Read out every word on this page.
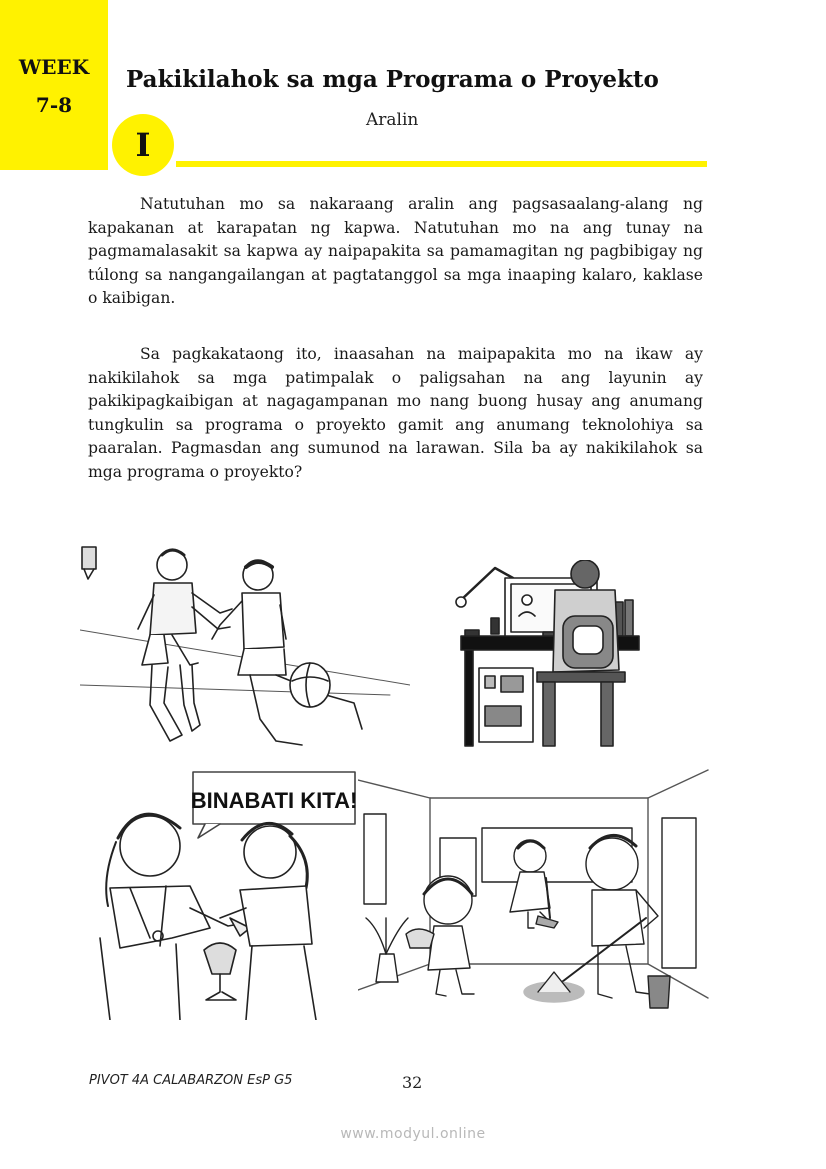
WEEK
7-8
Pakikilahok sa mga Programa o Proyekto
Aralin
I

Natutuhan mo sa nakaraang aralin ang pagsasaalang-alang ng kapakanan at karapatan ng kapwa. Natutuhan mo na ang tunay na pagmamalasakit sa kapwa ay naipapakita sa pamamagitan ng pagbibigay ng túlong sa nangangailangan at pagtatanggol sa mga inaaping kalaro, kaklase o kaibigan.

Sa pagkakataong ito, inaasahan na maipapakita mo na ikaw ay nakikilahok sa mga patimpalak o paligsahan na ang layunin ay pakikipagkaibigan at nagagampanan mo nang buong husay ang anumang tungkulin sa programa o proyekto gamit ang anumang teknolohiya sa paaralan. Pagmasdan ang sumunod na larawan. Sila ba ay nakikilahok sa mga programa o proyekto?

BINABATI KITA!
PIVOT 4A CALABARZON EsP G5	32
www.modyul.online
